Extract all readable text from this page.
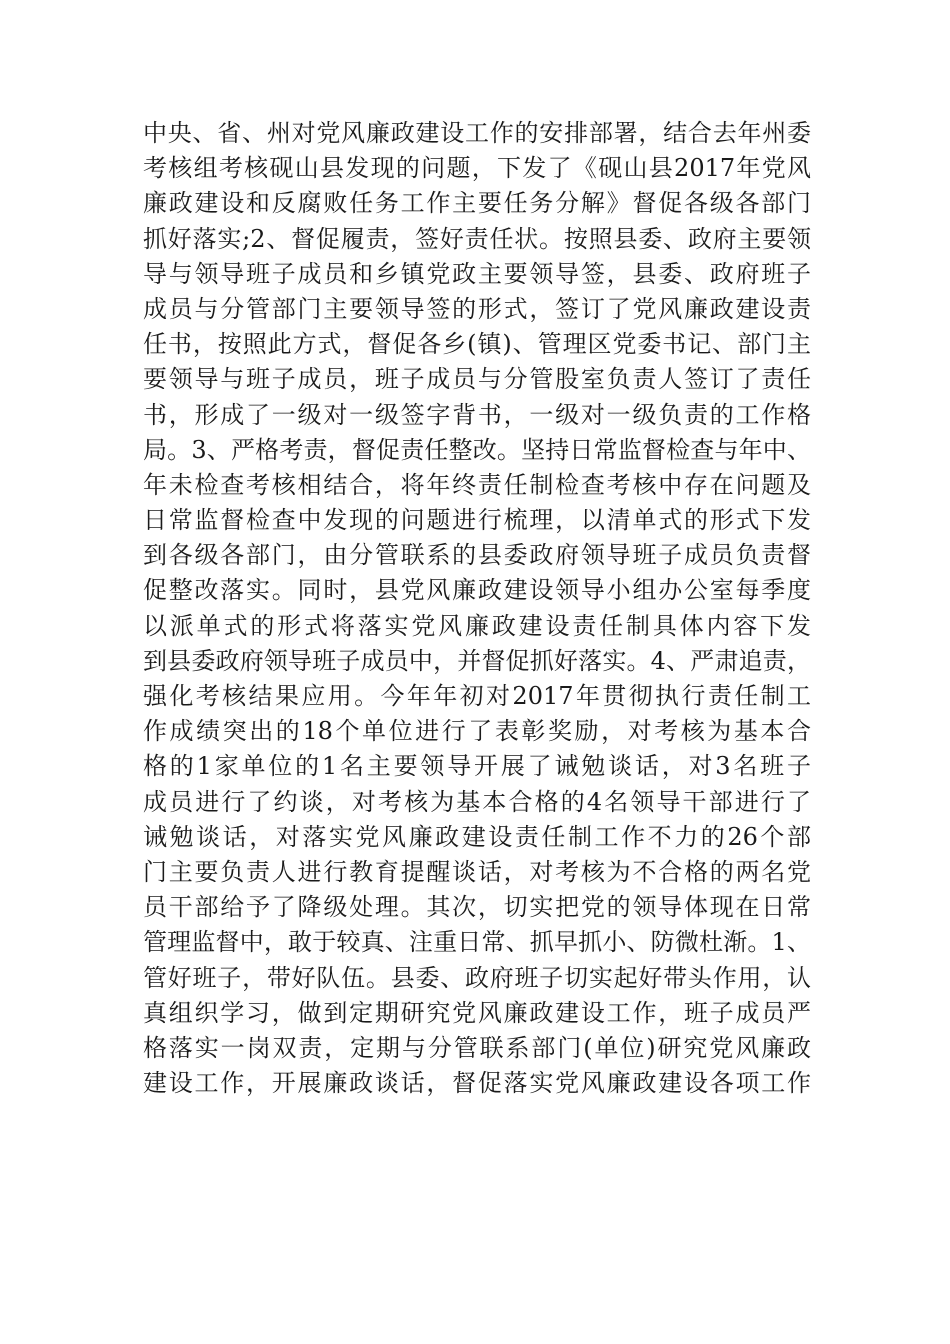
中央、省、州对党风廉政建设工作的安排部署，结合去年州委
考核组考核砚山县发现的问题，下发了《砚山县2017年党风
廉政建设和反腐败任务工作主要任务分解》督促各级各部门
抓好落实;2、督促履责，签好责任状。按照县委、政府主要领
导与领导班子成员和乡镇党政主要领导签，县委、政府班子
成员与分管部门主要领导签的形式，签订了党风廉政建设责
任书，按照此方式，督促各乡(镇)、管理区党委书记、部门主
要领导与班子成员，班子成员与分管股室负责人签订了责任
书，形成了一级对一级签字背书，一级对一级负责的工作格
局。3、严格考责，督促责任整改。坚持日常监督检查与年中、
年未检查考核相结合，将年终责任制检查考核中存在问题及
日常监督检查中发现的问题进行梳理，以清单式的形式下发
到各级各部门，由分管联系的县委政府领导班子成员负责督
促整改落实。同时，县党风廉政建设领导小组办公室每季度
以派单式的形式将落实党风廉政建设责任制具体内容下发
到县委政府领导班子成员中，并督促抓好落实。4、严肃追责，
强化考核结果应用。今年年初对2017年贯彻执行责任制工
作成绩突出的18个单位进行了表彰奖励，对考核为基本合
格的1家单位的1名主要领导开展了诫勉谈话，对3名班子
成员进行了约谈，对考核为基本合格的4名领导干部进行了
诫勉谈话，对落实党风廉政建设责任制工作不力的26个部
门主要负责人进行教育提醒谈话，对考核为不合格的两名党
员干部给予了降级处理。其次，切实把党的领导体现在日常
管理监督中，敢于较真、注重日常、抓早抓小、防微杜渐。1、
管好班子，带好队伍。县委、政府班子切实起好带头作用，认
真组织学习，做到定期研究党风廉政建设工作，班子成员严
格落实一岗双责，定期与分管联系部门(单位)研究党风廉政
建设工作，开展廉政谈话，督促落实党风廉政建设各项工作
